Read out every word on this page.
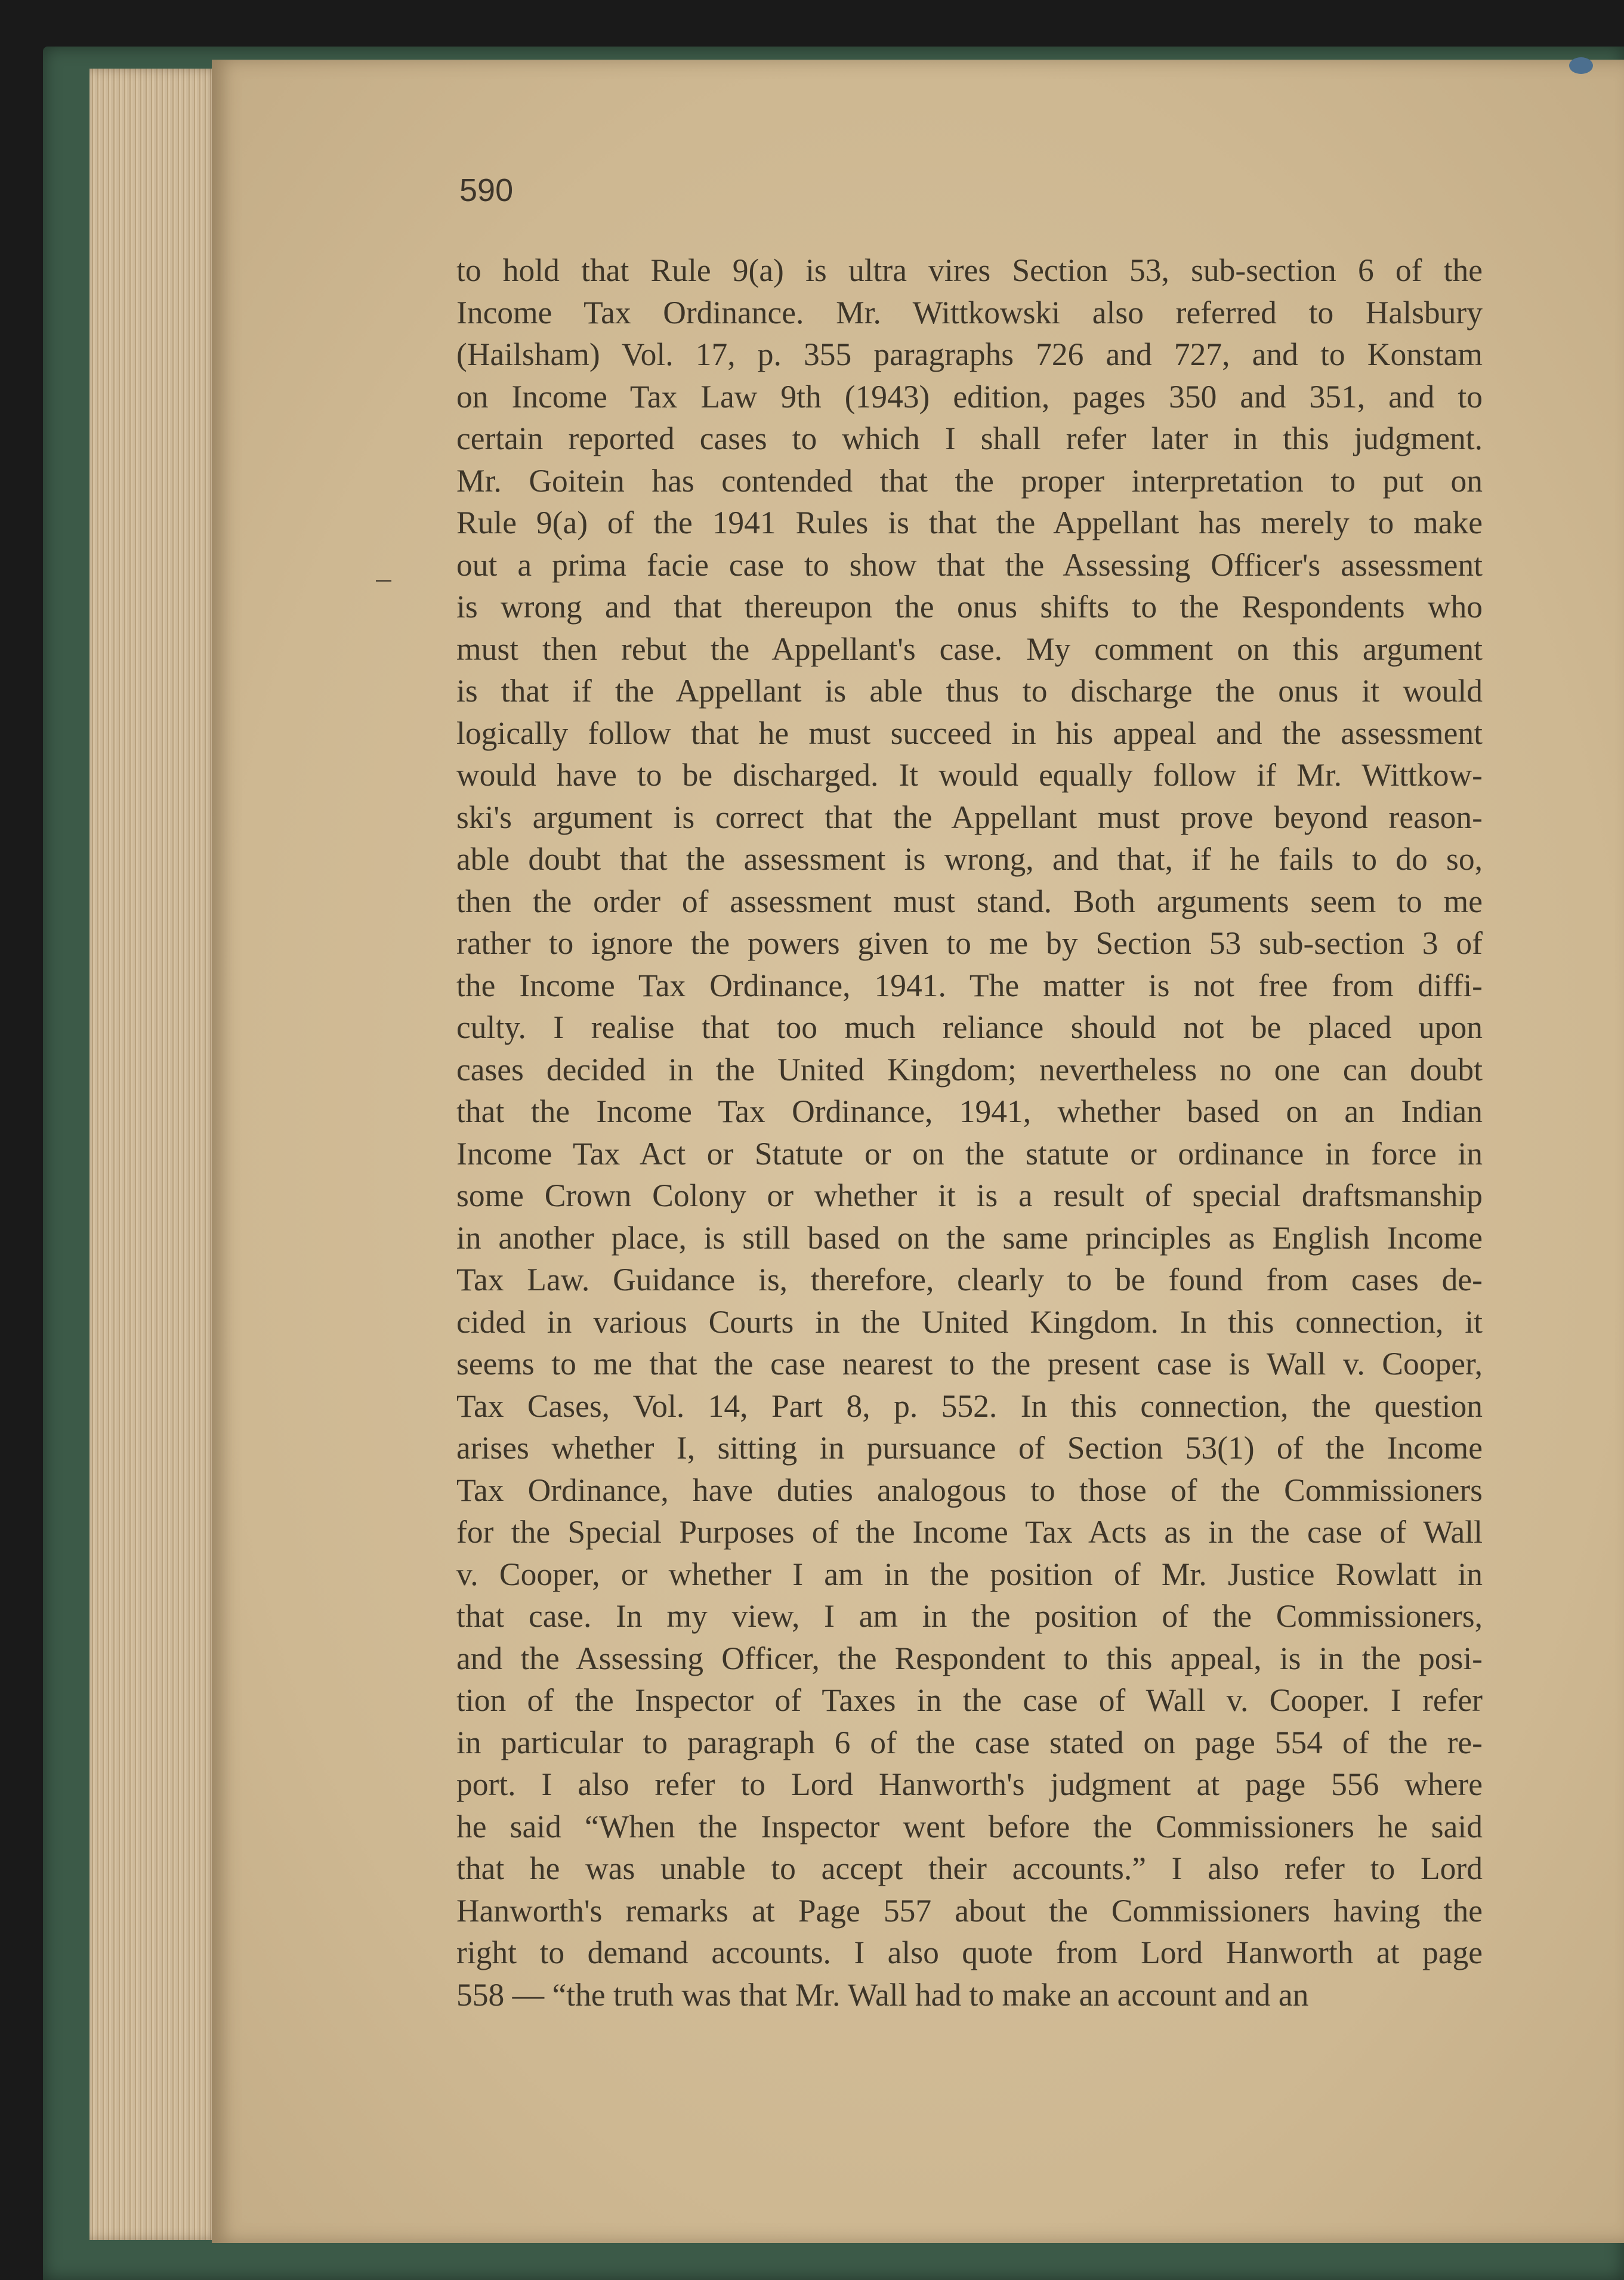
590

to hold that Rule 9(a) is ultra vires Section 53, sub-section 6 of the
Income Tax Ordinance. Mr. Wittkowski also referred to Halsbury
(Hailsham) Vol. 17, p. 355 paragraphs 726 and 727, and to Konstam
on Income Tax Law 9th (1943) edition, pages 350 and 351, and to
certain reported cases to which I shall refer later in this judgment.
Mr. Goitein has contended that the proper interpretation to put on
Rule 9(a) of the 1941 Rules is that the Appellant has merely to make
out a prima facie case to show that the Assessing Officer's assessment
is wrong and that thereupon the onus shifts to the Respondents who
must then rebut the Appellant's case. My comment on this argument
is that if the Appellant is able thus to discharge the onus it would
logically follow that he must succeed in his appeal and the assessment
would have to be discharged. It would equally follow if Mr. Wittkow-
ski's argument is correct that the Appellant must prove beyond reason-
able doubt that the assessment is wrong, and that, if he fails to do so,
then the order of assessment must stand. Both arguments seem to me
rather to ignore the powers given to me by Section 53 sub-section 3 of
the Income Tax Ordinance, 1941. The matter is not free from diffi-
culty. I realise that too much reliance should not be placed upon
cases decided in the United Kingdom; nevertheless no one can doubt
that the Income Tax Ordinance, 1941, whether based on an Indian
Income Tax Act or Statute or on the statute or ordinance in force in
some Crown Colony or whether it is a result of special draftsmanship
in another place, is still based on the same principles as English Income
Tax Law. Guidance is, therefore, clearly to be found from cases de-
cided in various Courts in the United Kingdom. In this connection, it
seems to me that the case nearest to the present case is Wall v. Cooper,
Tax Cases, Vol. 14, Part 8, p. 552. In this connection, the question
arises whether I, sitting in pursuance of Section 53(1) of the Income
Tax Ordinance, have duties analogous to those of the Commissioners
for the Special Purposes of the Income Tax Acts as in the case of Wall
v. Cooper, or whether I am in the position of Mr. Justice Rowlatt in
that case. In my view, I am in the position of the Commissioners,
and the Assessing Officer, the Respondent to this appeal, is in the posi-
tion of the Inspector of Taxes in the case of Wall v. Cooper. I refer
in particular to paragraph 6 of the case stated on page 554 of the re-
port. I also refer to Lord Hanworth's judgment at page 556 where
he said “When the Inspector went before the Commissioners he said
that he was unable to accept their accounts.” I also refer to Lord
Hanworth's remarks at Page 557 about the Commissioners having the
right to demand accounts. I also quote from Lord Hanworth at page
558 — “the truth was that Mr. Wall had to make an account and an
